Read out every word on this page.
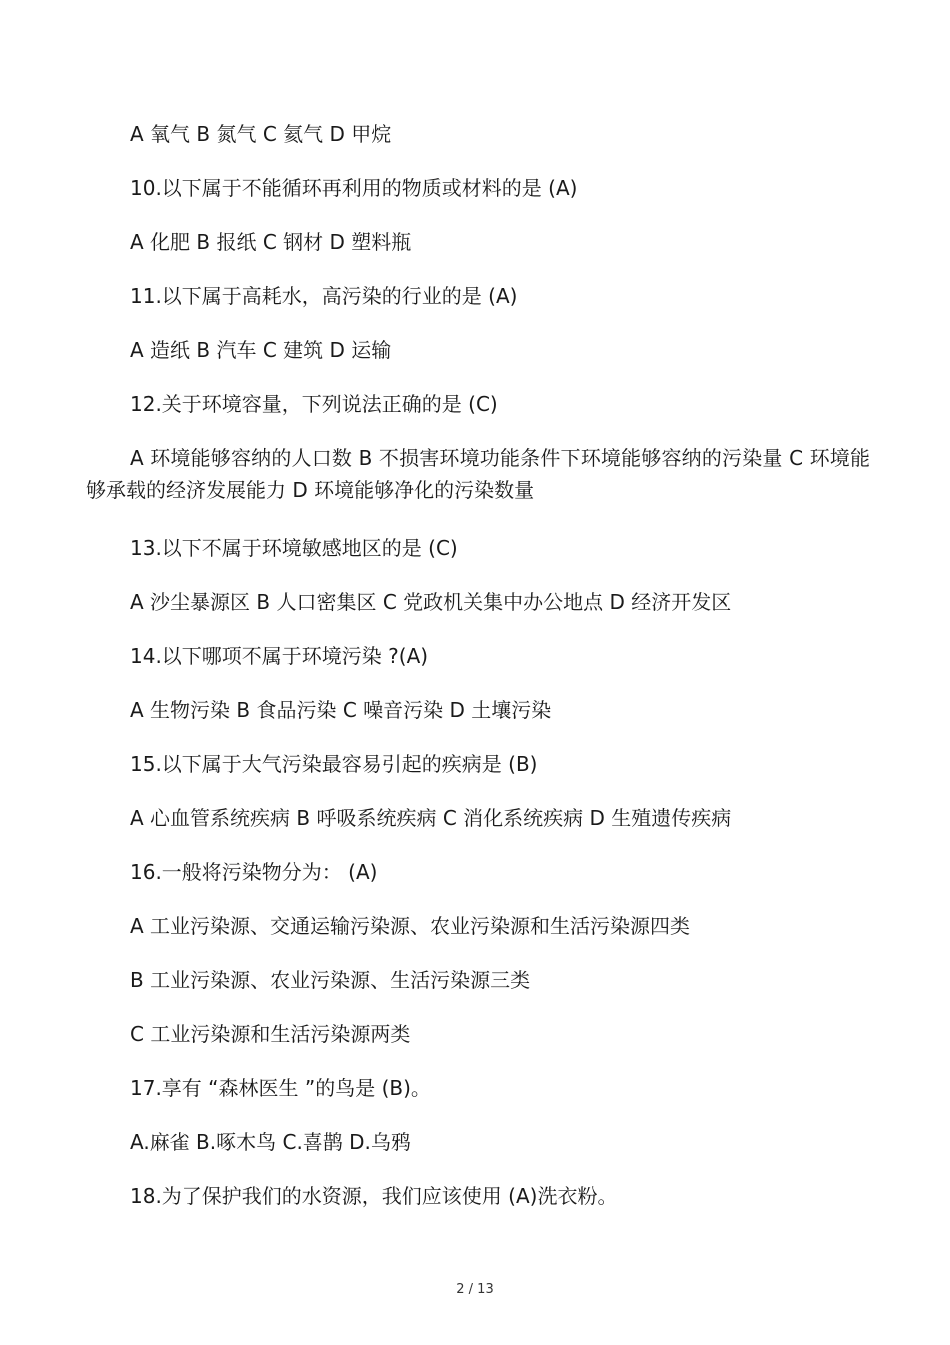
A 氧气 B 氮气 C 氦气 D 甲烷
10.以下属于不能循环再利用的物质或材料的是 (A)
A 化肥 B 报纸 C 钢材 D 塑料瓶
11.以下属于高耗水，高污染的行业的是 (A)
A 造纸 B 汽车 C 建筑 D 运输
12.关于环境容量，下列说法正确的是 (C)
A 环境能够容纳的人口数 B 不损害环境功能条件下环境能够容纳的污染量 C 环境能够承载的经济发展能力 D 环境能够净化的污染数量
13.以下不属于环境敏感地区的是 (C)
A 沙尘暴源区 B 人口密集区 C 党政机关集中办公地点 D 经济开发区
14.以下哪项不属于环境污染 ?(A)
A 生物污染 B 食品污染 C 噪音污染 D 土壤污染
15.以下属于大气污染最容易引起的疾病是 (B)
A 心血管系统疾病 B 呼吸系统疾病 C 消化系统疾病 D 生殖遗传疾病
16.一般将污染物分为： (A)
A 工业污染源、交通运输污染源、农业污染源和生活污染源四类
B 工业污染源、农业污染源、生活污染源三类
C 工业污染源和生活污染源两类
17.享有 “森林医生 ”的鸟是 (B)。
A.麻雀 B.啄木鸟 C.喜鹊 D.乌鸦
18.为了保护我们的水资源，我们应该使用 (A)洗衣粉。
2 / 13
